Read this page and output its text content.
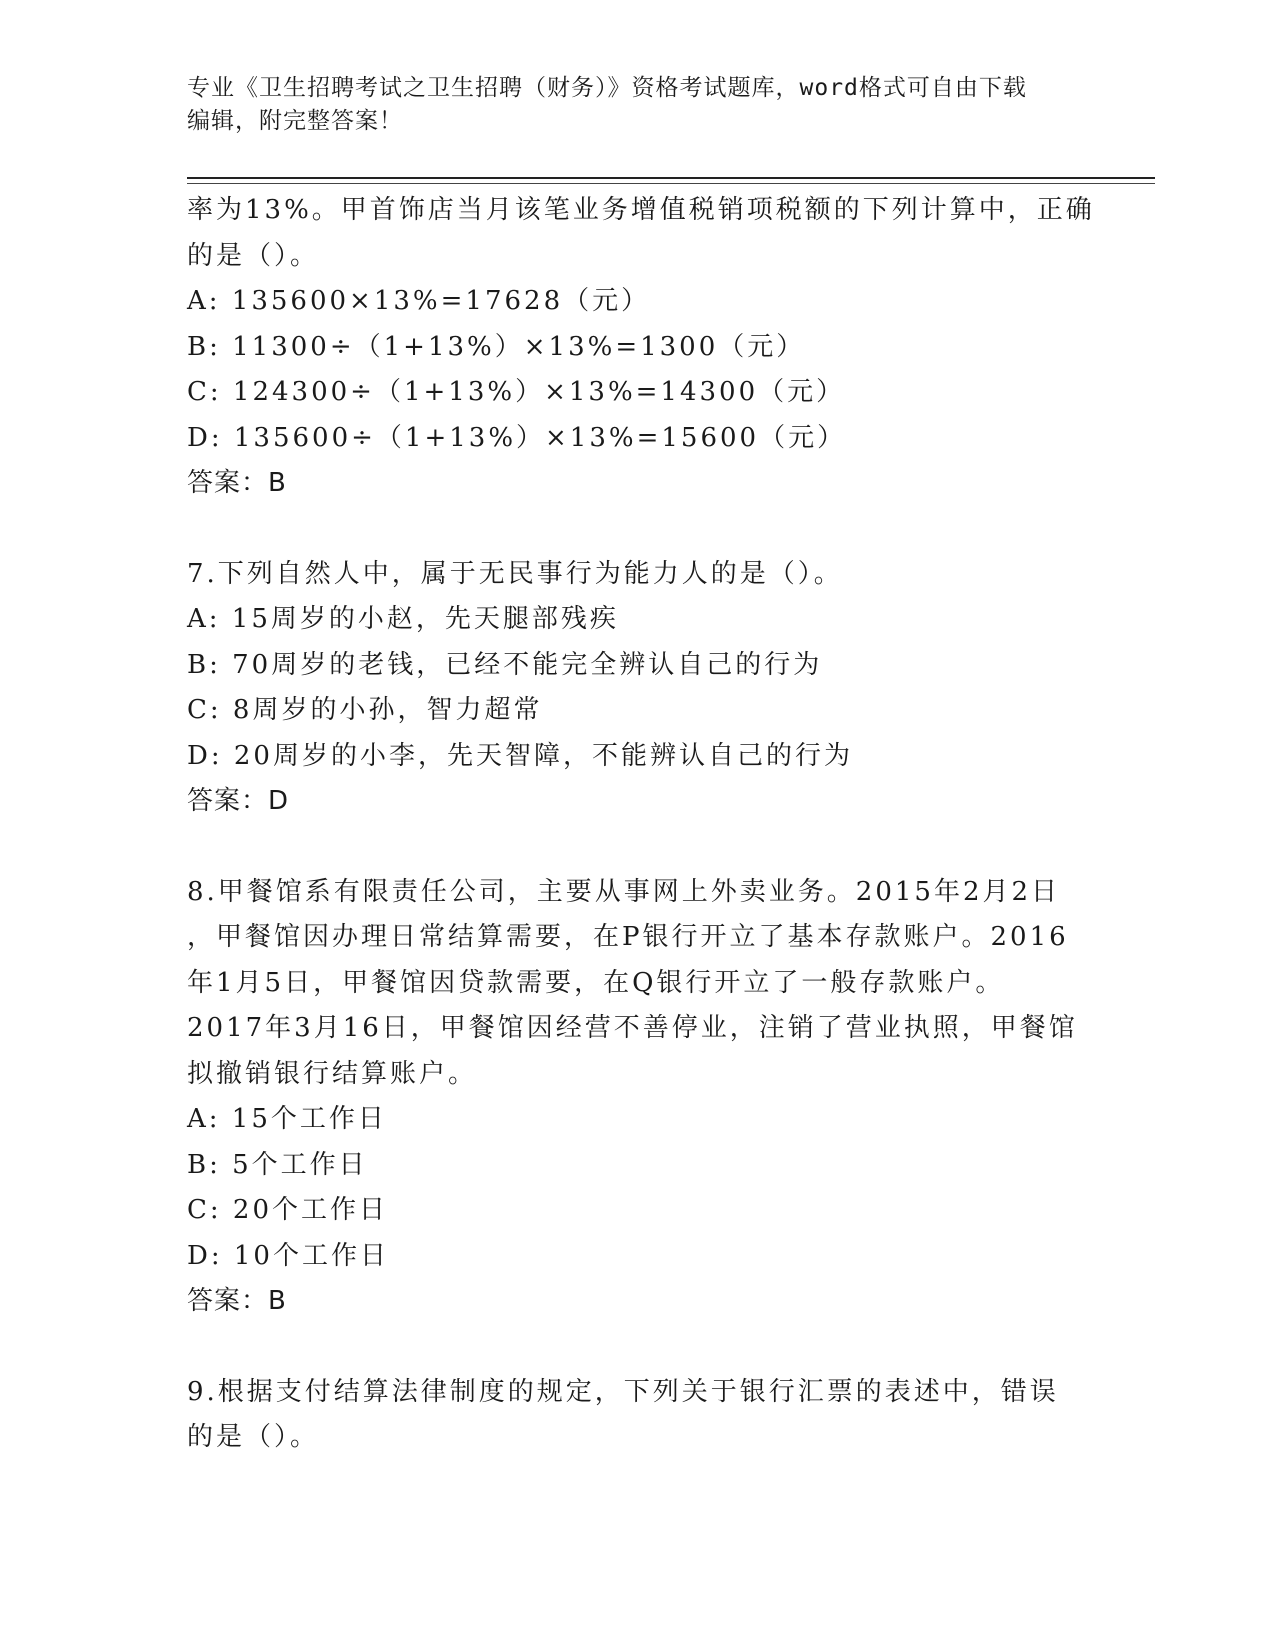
专业《卫生招聘考试之卫生招聘（财务）》资格考试题库，word格式可自由下载
编辑，附完整答案！
率为13%。甲首饰店当月该笔业务增值税销项税额的下列计算中，正确
的是（）。
A: 135600×13%=17628（元）
B: 11300÷（1+13%）×13%=1300（元）
C: 124300÷（1+13%）×13%=14300（元）
D: 135600÷（1+13%）×13%=15600（元）
答案：B
7.下列自然人中，属于无民事行为能力人的是（）。
A: 15周岁的小赵，先天腿部残疾
B: 70周岁的老钱，已经不能完全辨认自己的行为
C: 8周岁的小孙，智力超常
D: 20周岁的小李，先天智障，不能辨认自己的行为
答案：D
8.甲餐馆系有限责任公司，主要从事网上外卖业务。2015年2月2日
，甲餐馆因办理日常结算需要，在P银行开立了基本存款账户。2016
年1月5日，甲餐馆因贷款需要，在Q银行开立了一般存款账户。
2017年3月16日，甲餐馆因经营不善停业，注销了营业执照，甲餐馆
拟撤销银行结算账户。
A: 15个工作日
B: 5个工作日
C: 20个工作日
D: 10个工作日
答案：B
9.根据支付结算法律制度的规定，下列关于银行汇票的表述中，错误
的是（）。
